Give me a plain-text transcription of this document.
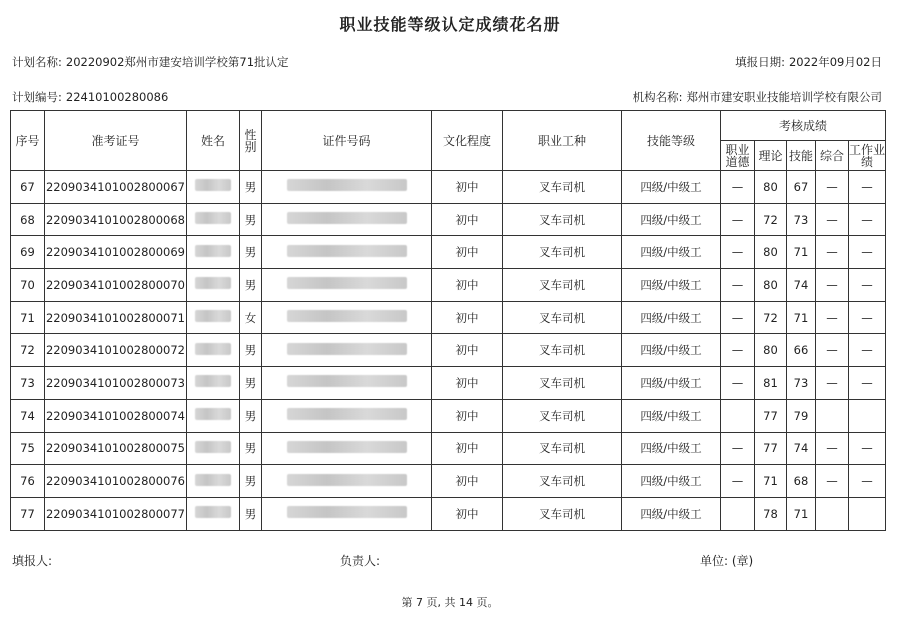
职业技能等级认定成绩花名册
计划名称: 20220902郑州市建安培训学校第71批认定	填报日期: 2022年09月02日
计划编号: 22410100280086	机构名称: 郑州市建安职业技能培训学校有限公司
序号	准考证号	姓名	性别	证件号码	文化程度	职业工种	技能等级	考核成绩				
								职业道德	理论	技能	综合	工作业绩
67	220903410100280006​7		男		初中	叉车司机	四级/中级工	—	80	67	—	—
68	2209034101002800068		男		初中	叉车司机	四级/中级工	—	72	73	—	—
69	2209034101002800069		男		初中	叉车司机	四级/中级工	—	80	71	—	—
70	2209034101002800070		男		初中	叉车司机	四级/中级工	—	80	74	—	—
71	2209034101002800071		女		初中	叉车司机	四级/中级工	—	72	71	—	—
72	2209034101002800072		男		初中	叉车司机	四级/中级工	—	80	66	—	—
73	2209034101002800073		男		初中	叉车司机	四级/中级工	—	81	73	—	—
74	2209034101002800074		男		初中	叉车司机	四级/中级工		77	79		
75	2209034101002800075		男		初中	叉车司机	四级/中级工	—	77	74	—	—
76	2209034101002800076		男		初中	叉车司机	四级/中级工	—	71	68	—	—
77	2209034101002800077		男		初中	叉车司机	四级/中级工		78	71		
填报人:	负责人:	单位: (章)
第 7 页, 共 14 页。
